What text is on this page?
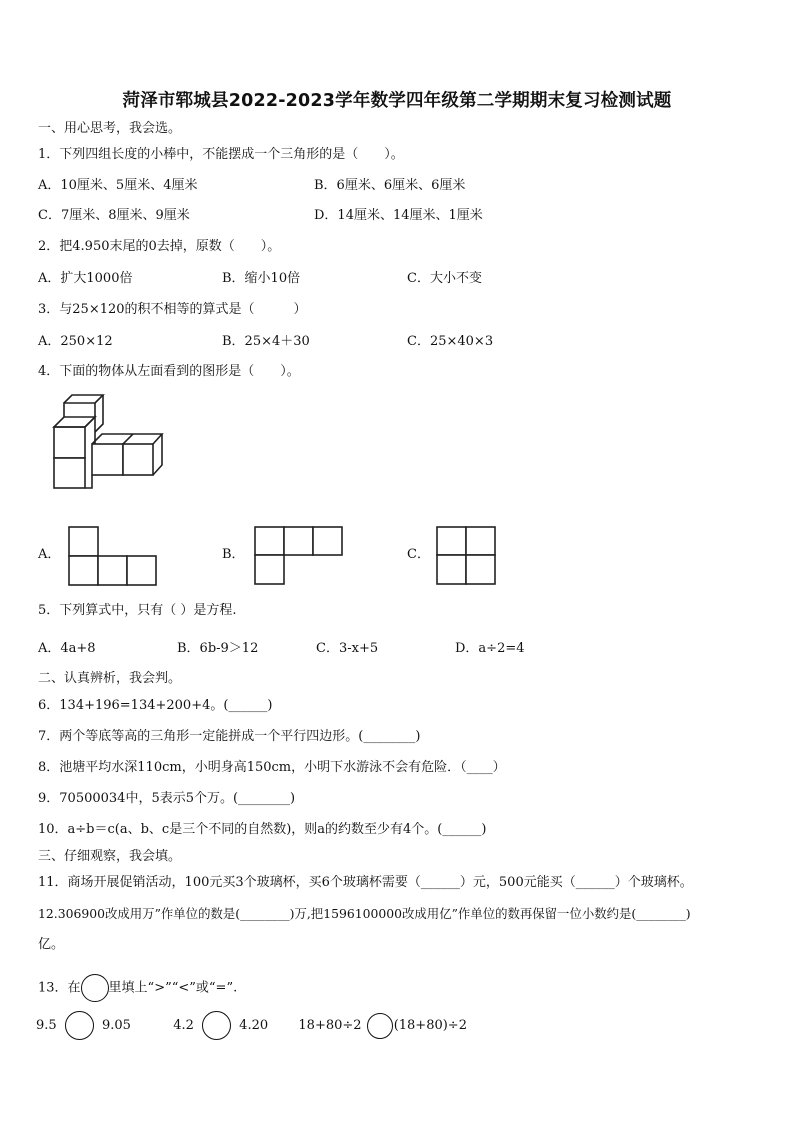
菏泽市郓城县2022-2023学年数学四年级第二学期期末复习检测试题
一、用心思考，我会选。
1．下列四组长度的小棒中，不能摆成一个三角形的是（　　）。
A．10厘米、5厘米、4厘米	B．6厘米、6厘米、6厘米
C．7厘米、8厘米、9厘米	D．14厘米、14厘米、1厘米
2．把4.950末尾的0去掉，原数（　　）。
A．扩大1000倍	B．缩小10倍	C．大小不变
3．与25×120的积不相等的算式是（　　　）
A．250×12	B．25×4＋30	C．25×40×3
4．下面的物体从左面看到的图形是（　　）。
A．	B．	C．
5．下列算式中，只有（ ）是方程.
A．4a+8	B．6b-9＞12	C．3-x+5	D．a÷2=4
二、认真辨析，我会判。
6．134+196=134+200+4。(______)
7．两个等底等高的三角形一定能拼成一个平行四边形。(________)
8．池塘平均水深110cm，小明身高150cm，小明下水游泳不会有危险．（____）
9．70500034中，5表示5个万。(________)
10．a÷b＝c(a、b、c是三个不同的自然数)，则a的约数至少有4个。(______)
三、仔细观察，我会填。
11．商场开展促销活动，100元买3个玻璃杯，买6个玻璃杯需要（______）元，500元能买（______）个玻璃杯。
12.306900改成用万”作单位的数是(________)万,把1596100000改成用亿”作单位的数再保留一位小数约是(________)
亿。
13．在 里填上“>”“<”或“=”.
9.5	9.05	4.2	4.20 18+80÷2 (18+80)÷2
